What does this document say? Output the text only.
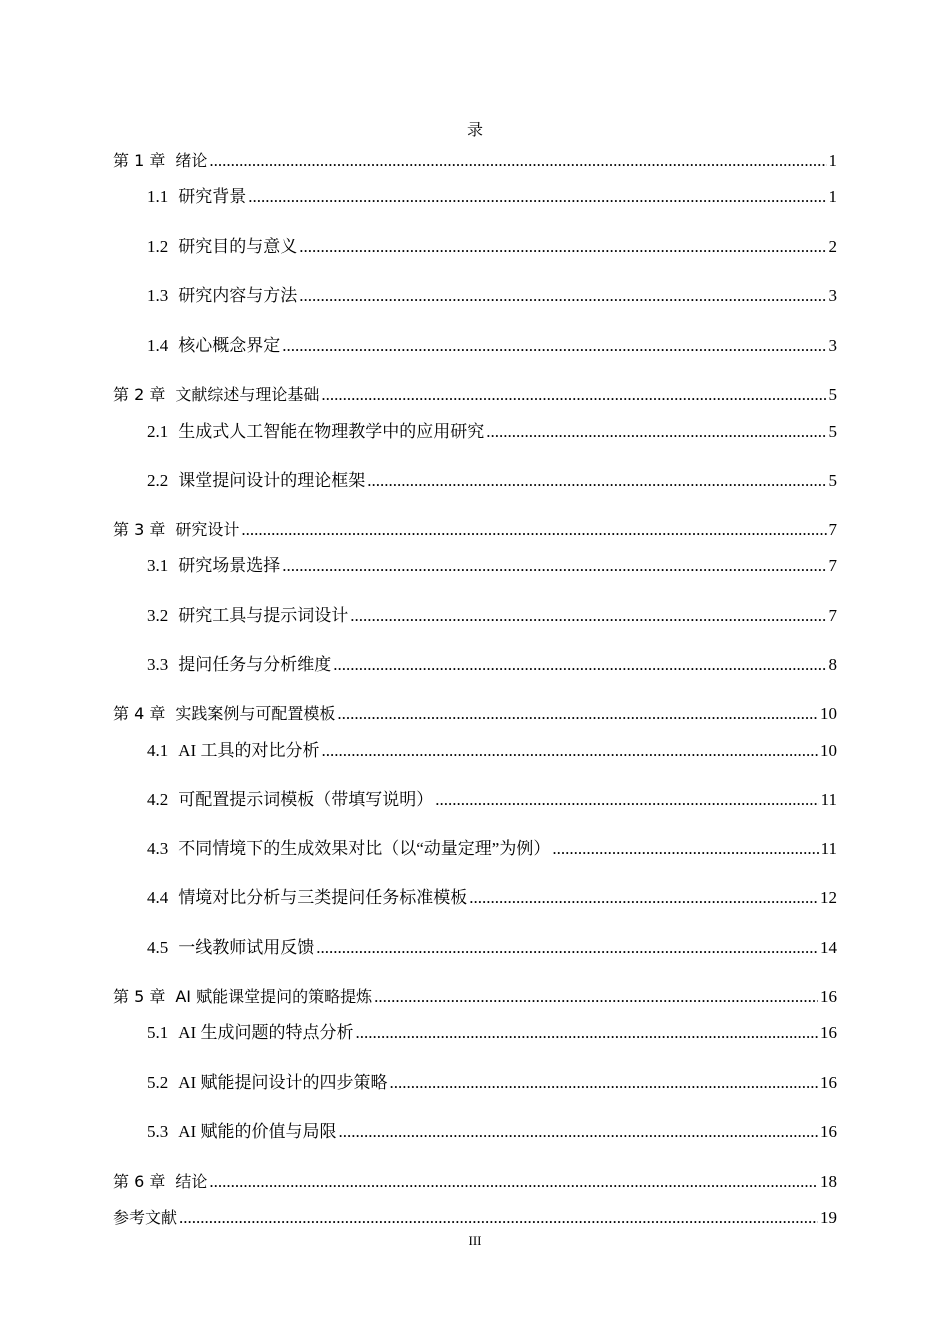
录
第 1 章 绪论 .....	1
1.1 研究背景 .....	1
1.2 研究目的与意义 .....	2
1.3 研究内容与方法 .....	3
1.4 核心概念界定 .....	3
第 2 章 文献综述与理论基础 .....	5
2.1 生成式人工智能在物理教学中的应用研究 .....	5
2.2 课堂提问设计的理论框架 .....	5
第 3 章 研究设计 .....	7
3.1 研究场景选择 .....	7
3.2 研究工具与提示词设计 .....	7
3.3 提问任务与分析维度 .....	8
第 4 章 实践案例与可配置模板 .....	10
4.1 AI 工具的对比分析 .....	10
4.2 可配置提示词模板（带填写说明） .....	11
4.3 不同情境下的生成效果对比（以“动量定理”为例） .....	11
4.4 情境对比分析与三类提问任务标准模板 .....	12
4.5 一线教师试用反馈 .....	14
第 5 章 AI 赋能课堂提问的策略提炼 .....	16
5.1 AI 生成问题的特点分析 .....	16
5.2 AI 赋能提问设计的四步策略 .....	16
5.3 AI 赋能的价值与局限 .....	16
第 6 章 结论 .....	18
参考文献 .....	19
III
